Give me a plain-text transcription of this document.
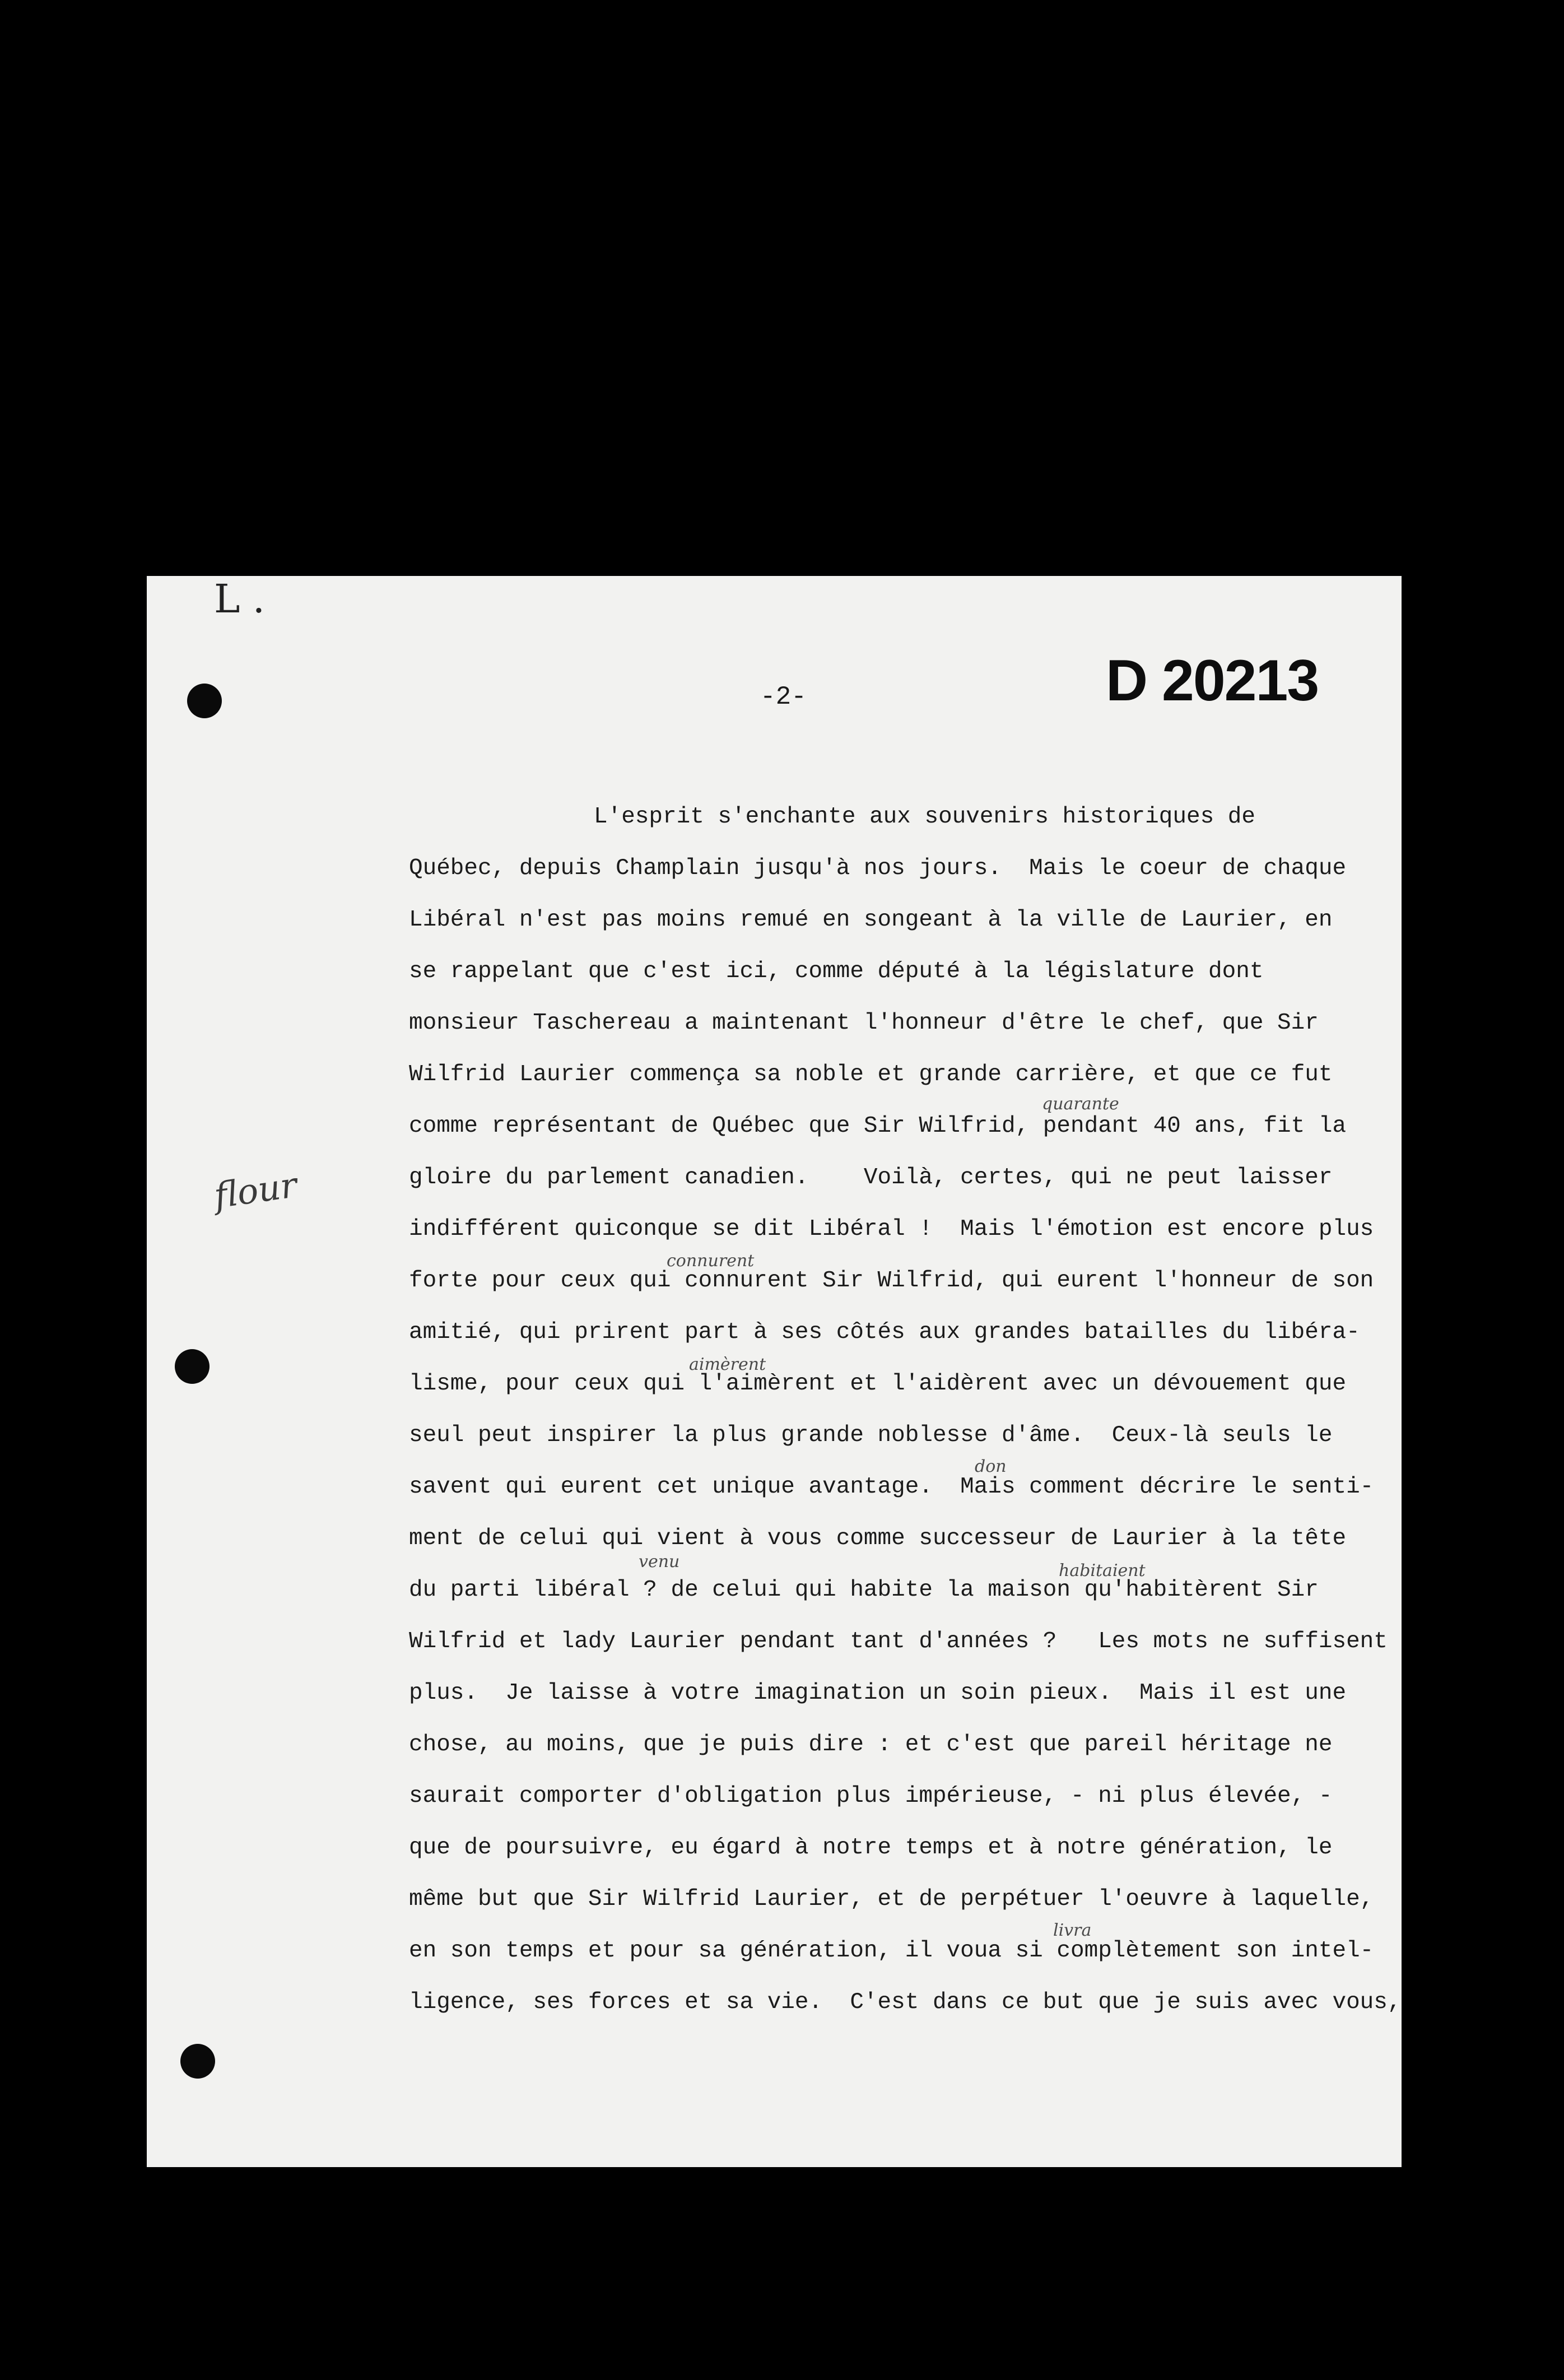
L .
-2-	D 20213
flour
L'esprit s'enchante aux souvenirs historiques de
Québec, depuis Champlain jusqu'à nos jours.  Mais le coeur de chaque
Libéral n'est pas moins remué en songeant à la ville de Laurier, en
se rappelant que c'est ici, comme député à la législature dont
monsieur Taschereau a maintenant l'honneur d'être le chef, que Sir
Wilfrid Laurier commença sa noble et grande carrière, et que ce fut
comme représentant de Québec que Sir Wilfrid, pendant 40 ans, fit la
gloire du parlement canadien.    Voilà, certes, qui ne peut laisser
indifférent quiconque se dit Libéral !  Mais l'émotion est encore plus
forte pour ceux qui connurent Sir Wilfrid, qui eurent l'honneur de son
amitié, qui prirent part à ses côtés aux grandes batailles du libéra-
lisme, pour ceux qui l'aimèrent et l'aidèrent avec un dévouement que
seul peut inspirer la plus grande noblesse d'âme.  Ceux-là seuls le
savent qui eurent cet unique avantage.  Mais comment décrire le senti-
ment de celui qui vient à vous comme successeur de Laurier à la tête
du parti libéral ? de celui qui habite la maison qu'habitèrent Sir
Wilfrid et lady Laurier pendant tant d'années ?   Les mots ne suffisent
plus.  Je laisse à votre imagination un soin pieux.  Mais il est une
chose, au moins, que je puis dire : et c'est que pareil héritage ne
saurait comporter d'obligation plus impérieuse, - ni plus élevée, -
que de poursuivre, eu égard à notre temps et à notre génération, le
même but que Sir Wilfrid Laurier, et de perpétuer l'oeuvre à laquelle,
en son temps et pour sa génération, il voua si complètement son intel-
ligence, ses forces et sa vie.  C'est dans ce but que je suis avec vous,
quarante
connurent
aimèrent
don
venu	habitaient
livra
